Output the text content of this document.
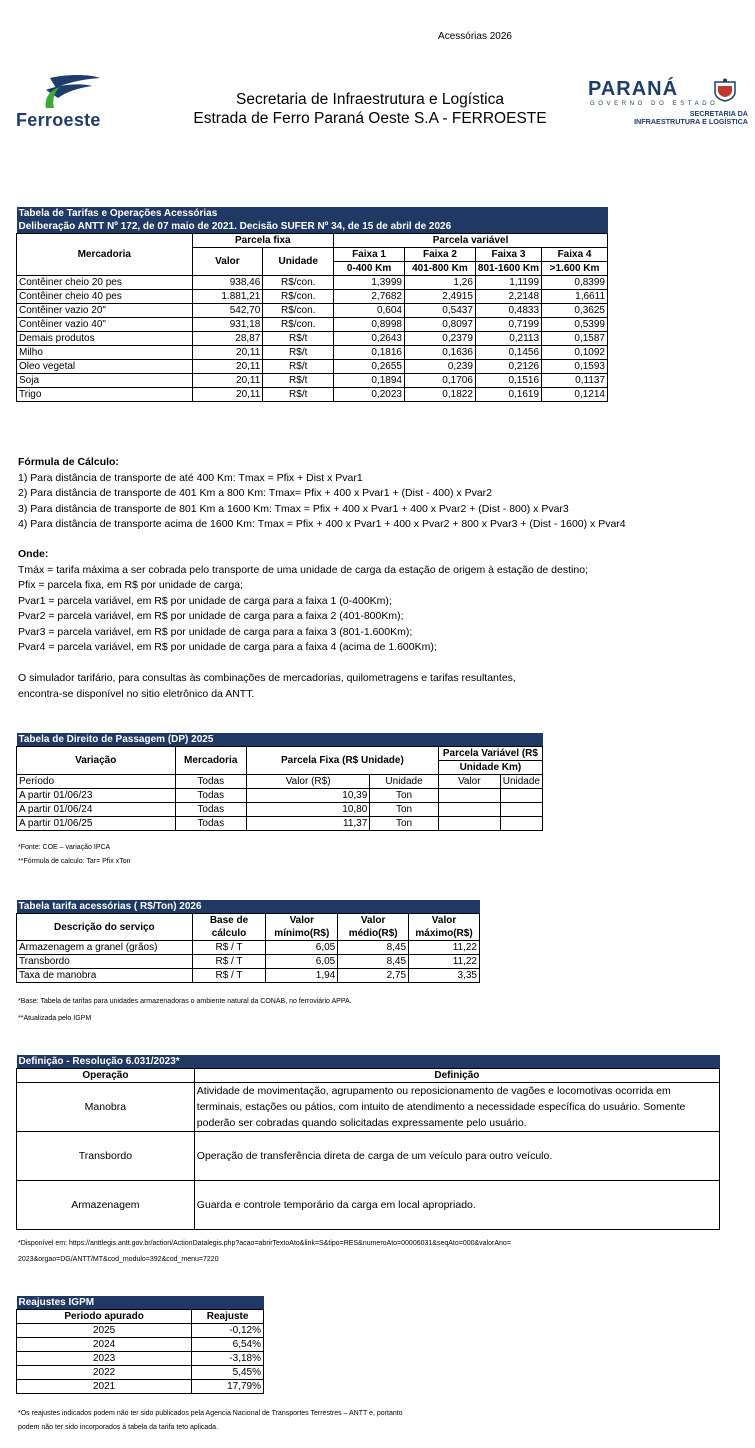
Acessórias 2026
Ferroeste
Secretaria de Infraestrutura e Logística
Estrada de Ferro Paraná Oeste S.A - FERROESTE
PARANÁ
GOVERNO DO ESTADO
SECRETARIA DA
INFRAESTRUTURA E LOGÍSTICA
Tabela de Tarifas e Operações Acessórias						
Deliberação ANTT Nº 172, de 07 maio de 2021. Decisão SUFER Nº 34, de 15 de abril de 2026						
Mercadoria	Parcela fixa		Parcela variável			
	Valor	Unidade	Faixa 1	Faixa 2	Faixa 3	Faixa 4
			0-400 Km	401-800 Km	801-1600 Km	>1.600 Km
Contêiner cheio 20 pes	938,46	R$/con.	1,3999	1,26	1,1199	0,8399
Contêiner cheio 40 pes	1.881,21	R$/con.	2,7682	2,4915	2,2148	1,6611
Contêiner vazio 20"	542,70	R$/con.	0,604	0,5437	0,4833	0,3625
Contêiner vazio 40"	931,18	R$/con.	0,8998	0,8097	0,7199	0,5399
Demais produtos	28,87	R$/t	0,2643	0,2379	0,2113	0,1587
Milho	20,11	R$/t	0,1816	0,1636	0,1456	0,1092
Oleo vegetal	20,11	R$/t	0,2655	0,239	0,2126	0,1593
Soja	20,11	R$/t	0,1894	0,1706	0,1516	0,1137
Trigo	20,11	R$/t	0,2023	0,1822	0,1619	0,1214
Fórmula de Cálculo:
1) Para distância de transporte de até 400 Km: Tmax = Pfix + Dist x Pvar1
2) Para distância de transporte de 401 Km a 800 Km: Tmax= Pfix + 400 x Pvar1 + (Dist - 400) x Pvar2
3) Para distância de transporte de 801 Km a 1600 Km: Tmax = Pfix + 400 x Pvar1 + 400 x Pvar2 + (Dist - 800) x Pvar3
4) Para distância de transporte acima de 1600 Km: Tmax = Pfix + 400 x Pvar1 + 400 x Pvar2 + 800 x Pvar3 + (Dist - 1600) x Pvar4
Onde:
Tmáx = tarifa máxima a ser cobrada pelo transporte de uma unidade de carga da estação de origem à estação de destino;
Pfix = parcela fixa, em R$ por unidade de carga;
Pvar1 = parcela variável, em R$ por unidade de carga para a faixa 1 (0-400Km);
Pvar2 = parcela variável, em R$ por unidade de carga para a faixa 2 (401-800Km);
Pvar3 = parcela variável, em R$ por unidade de carga para a faixa 3 (801-1.600Km);
Pvar4 = parcela variável, em R$ por unidade de carga para a faixa 4 (acima de 1.600Km);
O simulador tarifário, para consultas às combinações de mercadorias, quilometragens e tarifas resultantes,
encontra-se disponível no sitio eletrônico da ANTT.
Tabela de Direito de Passagem (DP) 2025					
Variação	Mercadoria	Parcela Fixa (R$ Unidade)		Parcela Variável (R$	
				Unidade Km)	
Período	Todas	Valor (R$)	Unidade	Valor	Unidade
A partir 01/06/23	Todas	10,39	Ton		
A partir 01/06/24	Todas	10,80	Ton		
A partir 01/06/25	Todas	11,37	Ton		
*Fonte: COE – variação IPCA
**Fórmula de calculo: Tar= Pfix xTon
Tabela tarifa acessórias ( R$/Ton) 2026				
Descrição do serviço	Base de	Valor	Valor	Valor
	cálculo	mínimo(R$)	médio(R$)	máximo(R$)
Armazenagem a granel (grãos)	R$ / T	6,05	8,45	11,22
Transbordo	R$ / T	6,05	8,45	11,22
Taxa de manobra	R$ / T	1,94	2,75	3,35
*Base: Tabela de tarifas para unidades armazenadoras o ambiente natural da CONAB, no ferroviário APPA.
**Atualizada pelo IGPM
Definição - Resolução 6.031/2023*	
Operação	Definição
Manobra	Atividade de movimentação, agrupamento ou reposicionamento de vagões e locomotivas ocorrida em terminais, estações ou pátios, com intuito de atendimento a necessidade específica do usuário. Somente poderão ser cobradas quando solicitadas expressamente pelo usuário.
Transbordo	Operação de transferência direta de carga de um veículo para outro veículo.
Armazenagem	Guarda e controle temporário da carga em local apropriado.
*Disponível em: https://anttlegis.antt.gov.br/action/ActionDatalegis.php?acao=abrirTextoAto&link=S&tipo=RES&numeroAto=00006031&seqAto=000&valorAno=
2023&orgao=DG/ANTT/MT&cod_modulo=392&cod_menu=7220
Reajustes IGPM	
Periodo apurado	Reajuste
2025	-0,12%
2024	6,54%
2023	-3,18%
2022	5,45%
2021	17,79%
*Os reajustes indicados podem não ter sido publicados pela Agencia Nacional de Transportes Terrestres – ANTT e, portanto
podem não ter sido incorporados à tabela da tarifa teto aplicada.
